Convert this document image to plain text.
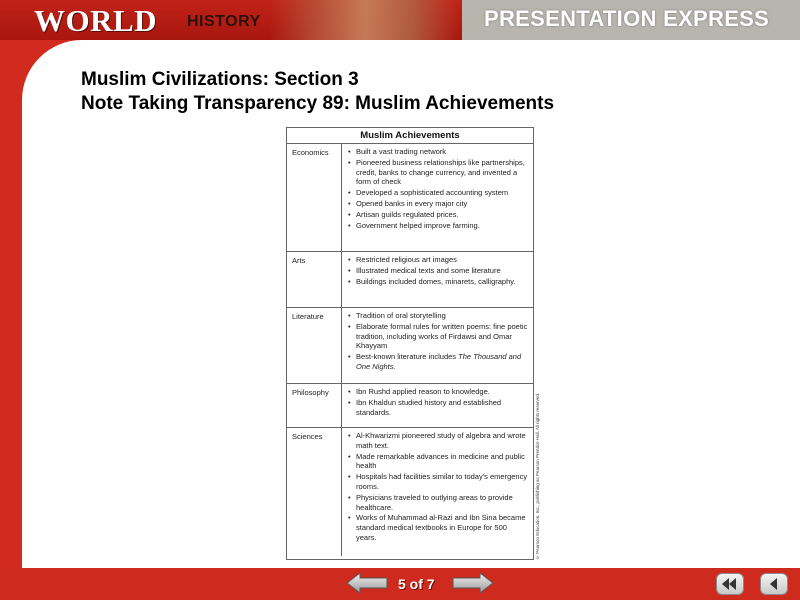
WORLD HISTORY	PRESENTATION EXPRESS
Muslim Civilizations: Section 3
Note Taking Transparency 89: Muslim Achievements
Muslim Achievements
Economics	• Built a vast trading network
• Pioneered business relationships like partnerships, credit, banks to change currency, and invented a form of check
• Developed a sophisticated accounting system
• Opened banks in every major city
• Artisan guilds regulated prices.
• Government helped improve farming.
Arts	• Restricted religious art images
• Illustrated medical texts and some literature
• Buildings included domes, minarets, calligraphy.
Literature	• Tradition of oral storytelling
• Elaborate formal rules for written poems: fine poetic tradition, including works of Firdawsi and Omar Khayyam
• Best-known literature includes The Thousand and One Nights.
Philosophy	• Ibn Rushd applied reason to knowledge.
• Ibn Khaldun studied history and established standards.
Sciences	• Al-Khwarizmi pioneered study of algebra and wrote math text.
• Made remarkable advances in medicine and public health
• Hospitals had facilities similar to today's emergency rooms.
• Physicians traveled to outlying areas to provide healthcare.
• Works of Muhammad al-Razi and Ibn Sina became standard medical textbooks in Europe for 500 years.	© Pearson Education, Inc., publishing as Pearson Prentice Hall. All rights reserved.
5 of 7
